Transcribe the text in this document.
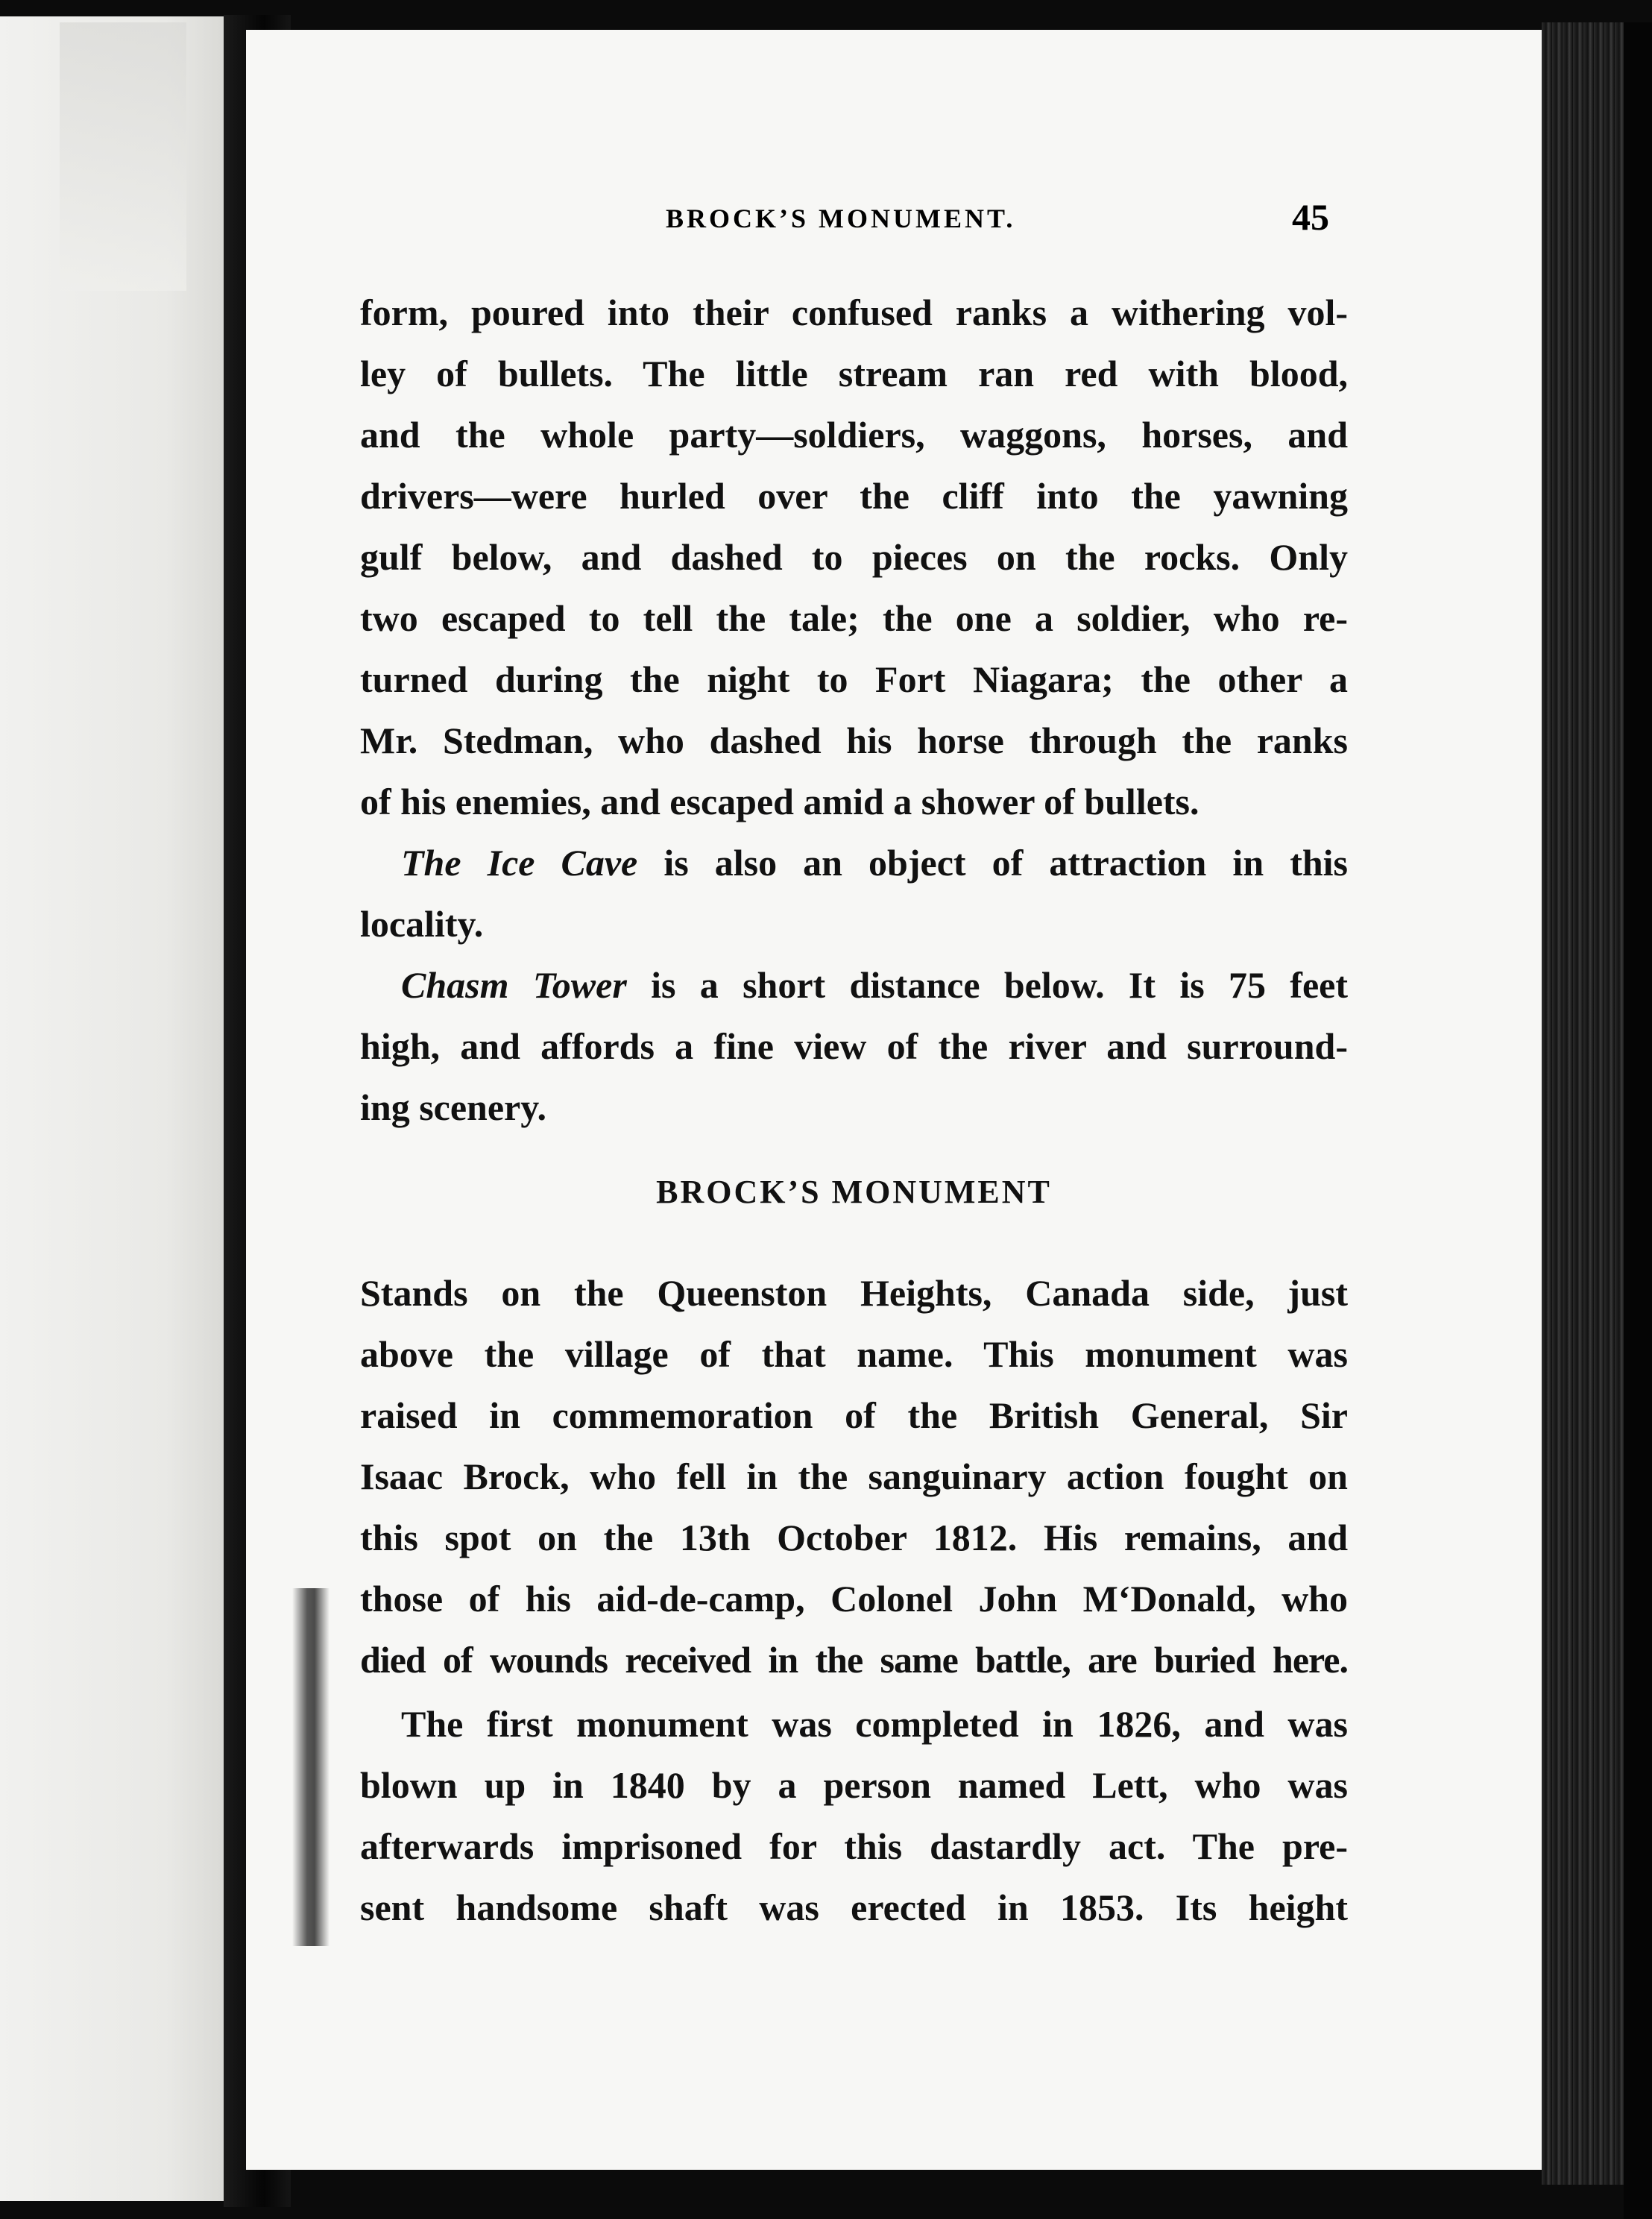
BROCK’S MONUMENT.	45
form, poured into their confused ranks a withering vol-
ley of bullets. The little stream ran red with blood,
and the whole party—soldiers, waggons, horses, and
drivers—were hurled over the cliff into the yawning
gulf below, and dashed to pieces on the rocks. Only
two escaped to tell the tale; the one a soldier, who re-
turned during the night to Fort Niagara; the other a
Mr. Stedman, who dashed his horse through the ranks
of his enemies, and escaped amid a shower of bullets.
The Ice Cave is also an object of attraction in this
locality.
Chasm Tower is a short distance below. It is 75 feet
high, and affords a fine view of the river and surround-
ing scenery.
BROCK’S MONUMENT
Stands on the Queenston Heights, Canada side, just
above the village of that name. This monument was
raised in commemoration of the British General, Sir
Isaac Brock, who fell in the sanguinary action fought on
this spot on the 13th October 1812. His remains, and
those of his aid-de-camp, Colonel John M‘Donald, who
died of wounds received in the same battle, are buried here.
The first monument was completed in 1826, and was
blown up in 1840 by a person named Lett, who was
afterwards imprisoned for this dastardly act. The pre-
sent handsome shaft was erected in 1853. Its height
